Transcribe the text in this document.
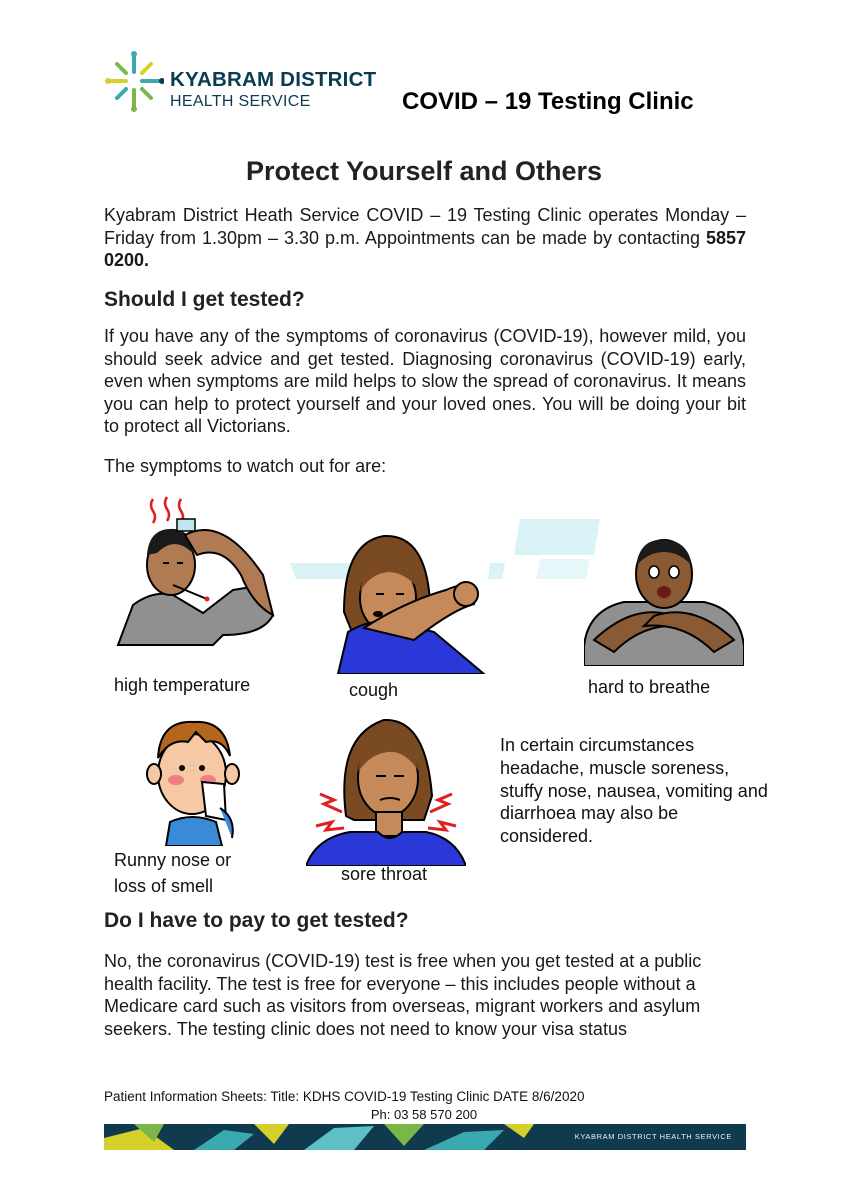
KYABRAM DISTRICT
HEALTH SERVICE	COVID – 19 Testing Clinic
Protect Yourself and Others
Kyabram District Heath Service COVID – 19 Testing Clinic operates Monday – Friday from 1.30pm – 3.30 p.m. Appointments can be made by contacting 5857 0200.
Should I get tested?
If you have any of the symptoms of coronavirus (COVID-19), however mild, you should seek advice and get tested. Diagnosing coronavirus (COVID-19) early, even when symptoms are mild helps to slow the spread of coronavirus. It means you can help to protect yourself and your loved ones. You will be doing your bit to protect all Victorians.
The symptoms to watch out for are:
high temperature	cough	hard to breathe
Runny nose or
loss of smell
sore throat
In certain circumstances headache, muscle soreness, stuffy nose, nausea, vomiting and diarrhoea may also be considered.
Do I have to pay to get tested?
No, the coronavirus (COVID-19) test is free when you get tested at a public health facility. The test is free for everyone – this includes people without a Medicare card such as visitors from overseas, migrant workers and asylum seekers. The testing clinic does not need to know your visa status
Patient Information Sheets: Title: KDHS COVID-19 Testing Clinic DATE 8/6/2020
Ph: 03 58 570 200
KYABRAM DISTRICT HEALTH SERVICE
